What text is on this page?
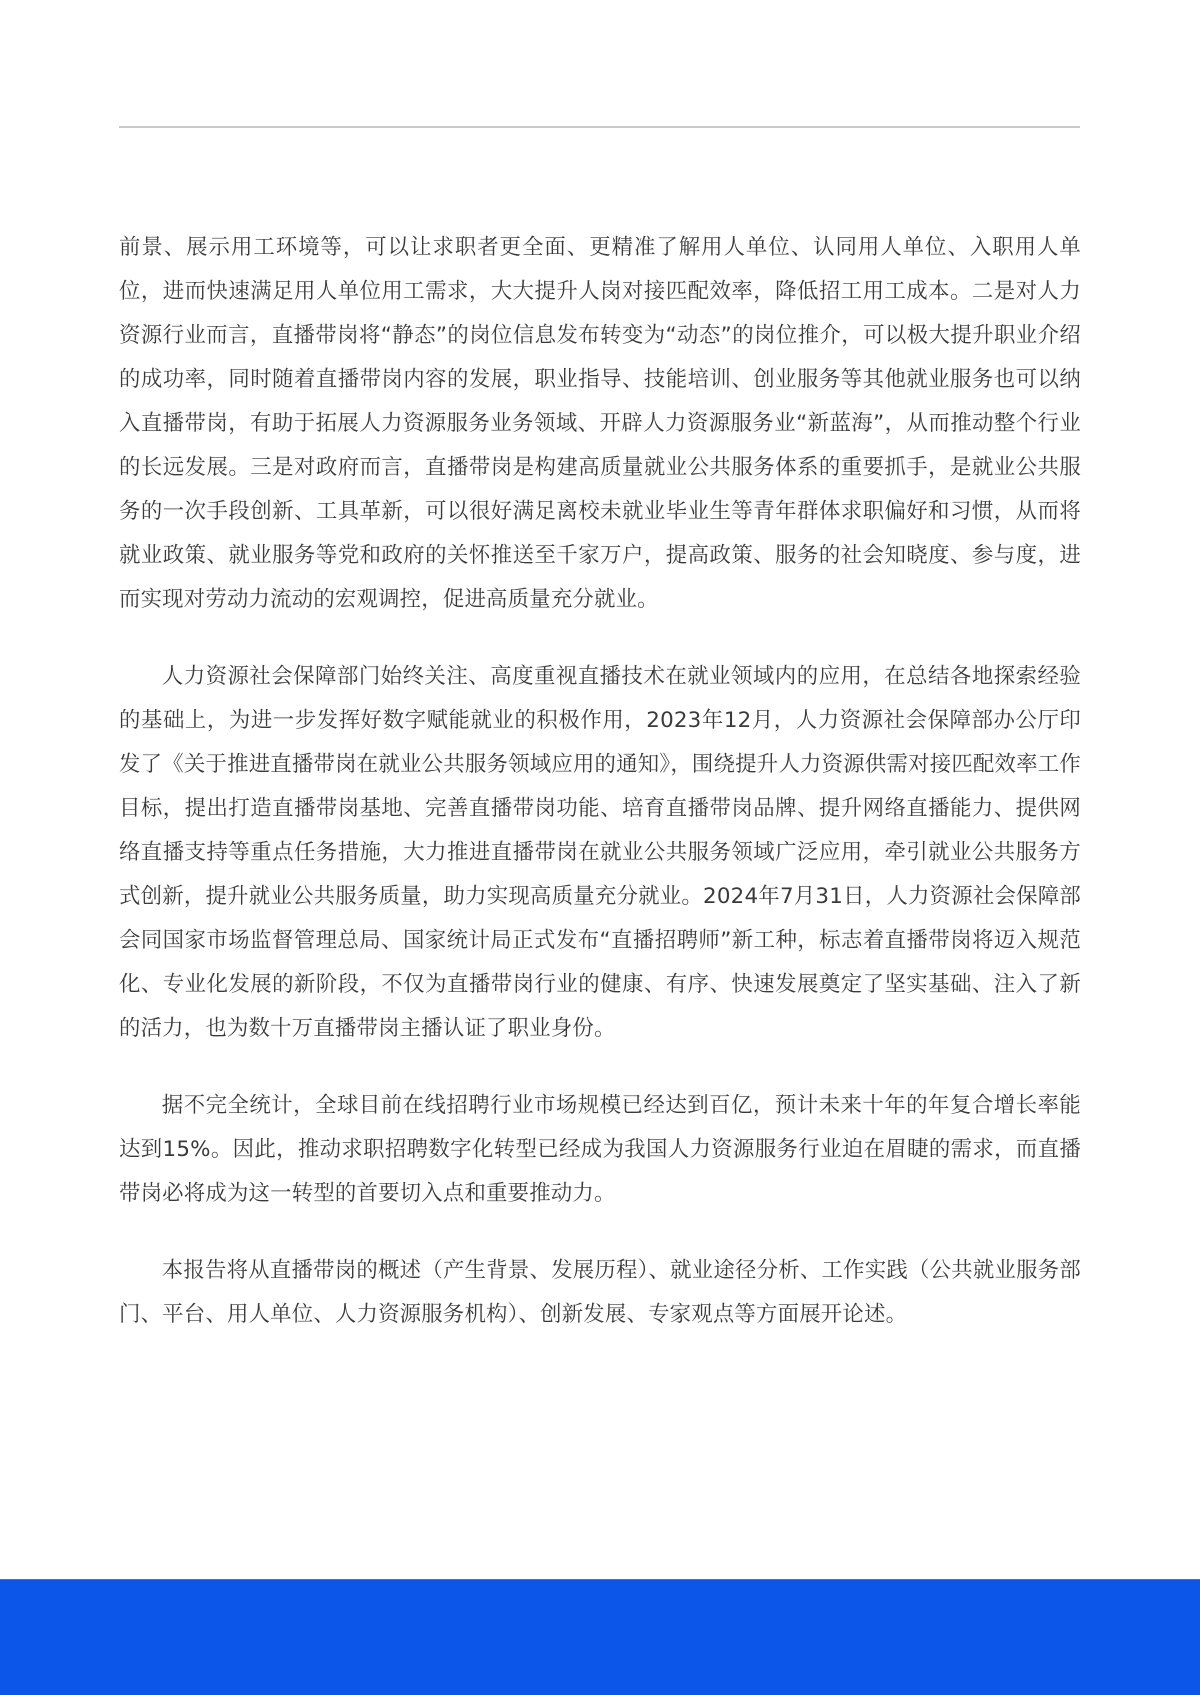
前景、展示用工环境等，可以让求职者更全面、更精准了解用人单位、认同用人单位、入职用人单位，进而快速满足用人单位用工需求，大大提升人岗对接匹配效率，降低招工用工成本。二是对人力资源行业而言，直播带岗将“静态”的岗位信息发布转变为“动态”的岗位推介，可以极大提升职业介绍的成功率，同时随着直播带岗内容的发展，职业指导、技能培训、创业服务等其他就业服务也可以纳入直播带岗，有助于拓展人力资源服务业务领域、开辟人力资源服务业“新蓝海”，从而推动整个行业的长远发展。三是对政府而言，直播带岗是构建高质量就业公共服务体系的重要抓手，是就业公共服务的一次手段创新、工具革新，可以很好满足离校未就业毕业生等青年群体求职偏好和习惯，从而将就业政策、就业服务等党和政府的关怀推送至千家万户，提高政策、服务的社会知晓度、参与度，进而实现对劳动力流动的宏观调控，促进高质量充分就业。

人力资源社会保障部门始终关注、高度重视直播技术在就业领域内的应用，在总结各地探索经验的基础上，为进一步发挥好数字赋能就业的积极作用，2023年12月，人力资源社会保障部办公厅印发了《关于推进直播带岗在就业公共服务领域应用的通知》，围绕提升人力资源供需对接匹配效率工作目标，提出打造直播带岗基地、完善直播带岗功能、培育直播带岗品牌、提升网络直播能力、提供网络直播支持等重点任务措施，大力推进直播带岗在就业公共服务领域广泛应用，牵引就业公共服务方式创新，提升就业公共服务质量，助力实现高质量充分就业。2024年7月31日，人力资源社会保障部会同国家市场监督管理总局、国家统计局正式发布“直播招聘师”新工种，标志着直播带岗将迈入规范化、专业化发展的新阶段，不仅为直播带岗行业的健康、有序、快速发展奠定了坚实基础、注入了新的活力，也为数十万直播带岗主播认证了职业身份。

据不完全统计，全球目前在线招聘行业市场规模已经达到百亿，预计未来十年的年复合增长率能达到15%。因此，推动求职招聘数字化转型已经成为我国人力资源服务行业迫在眉睫的需求，而直播带岗必将成为这一转型的首要切入点和重要推动力。

本报告将从直播带岗的概述（产生背景、发展历程）、就业途径分析、工作实践（公共就业服务部门、平台、用人单位、人力资源服务机构）、创新发展、专家观点等方面展开论述。
